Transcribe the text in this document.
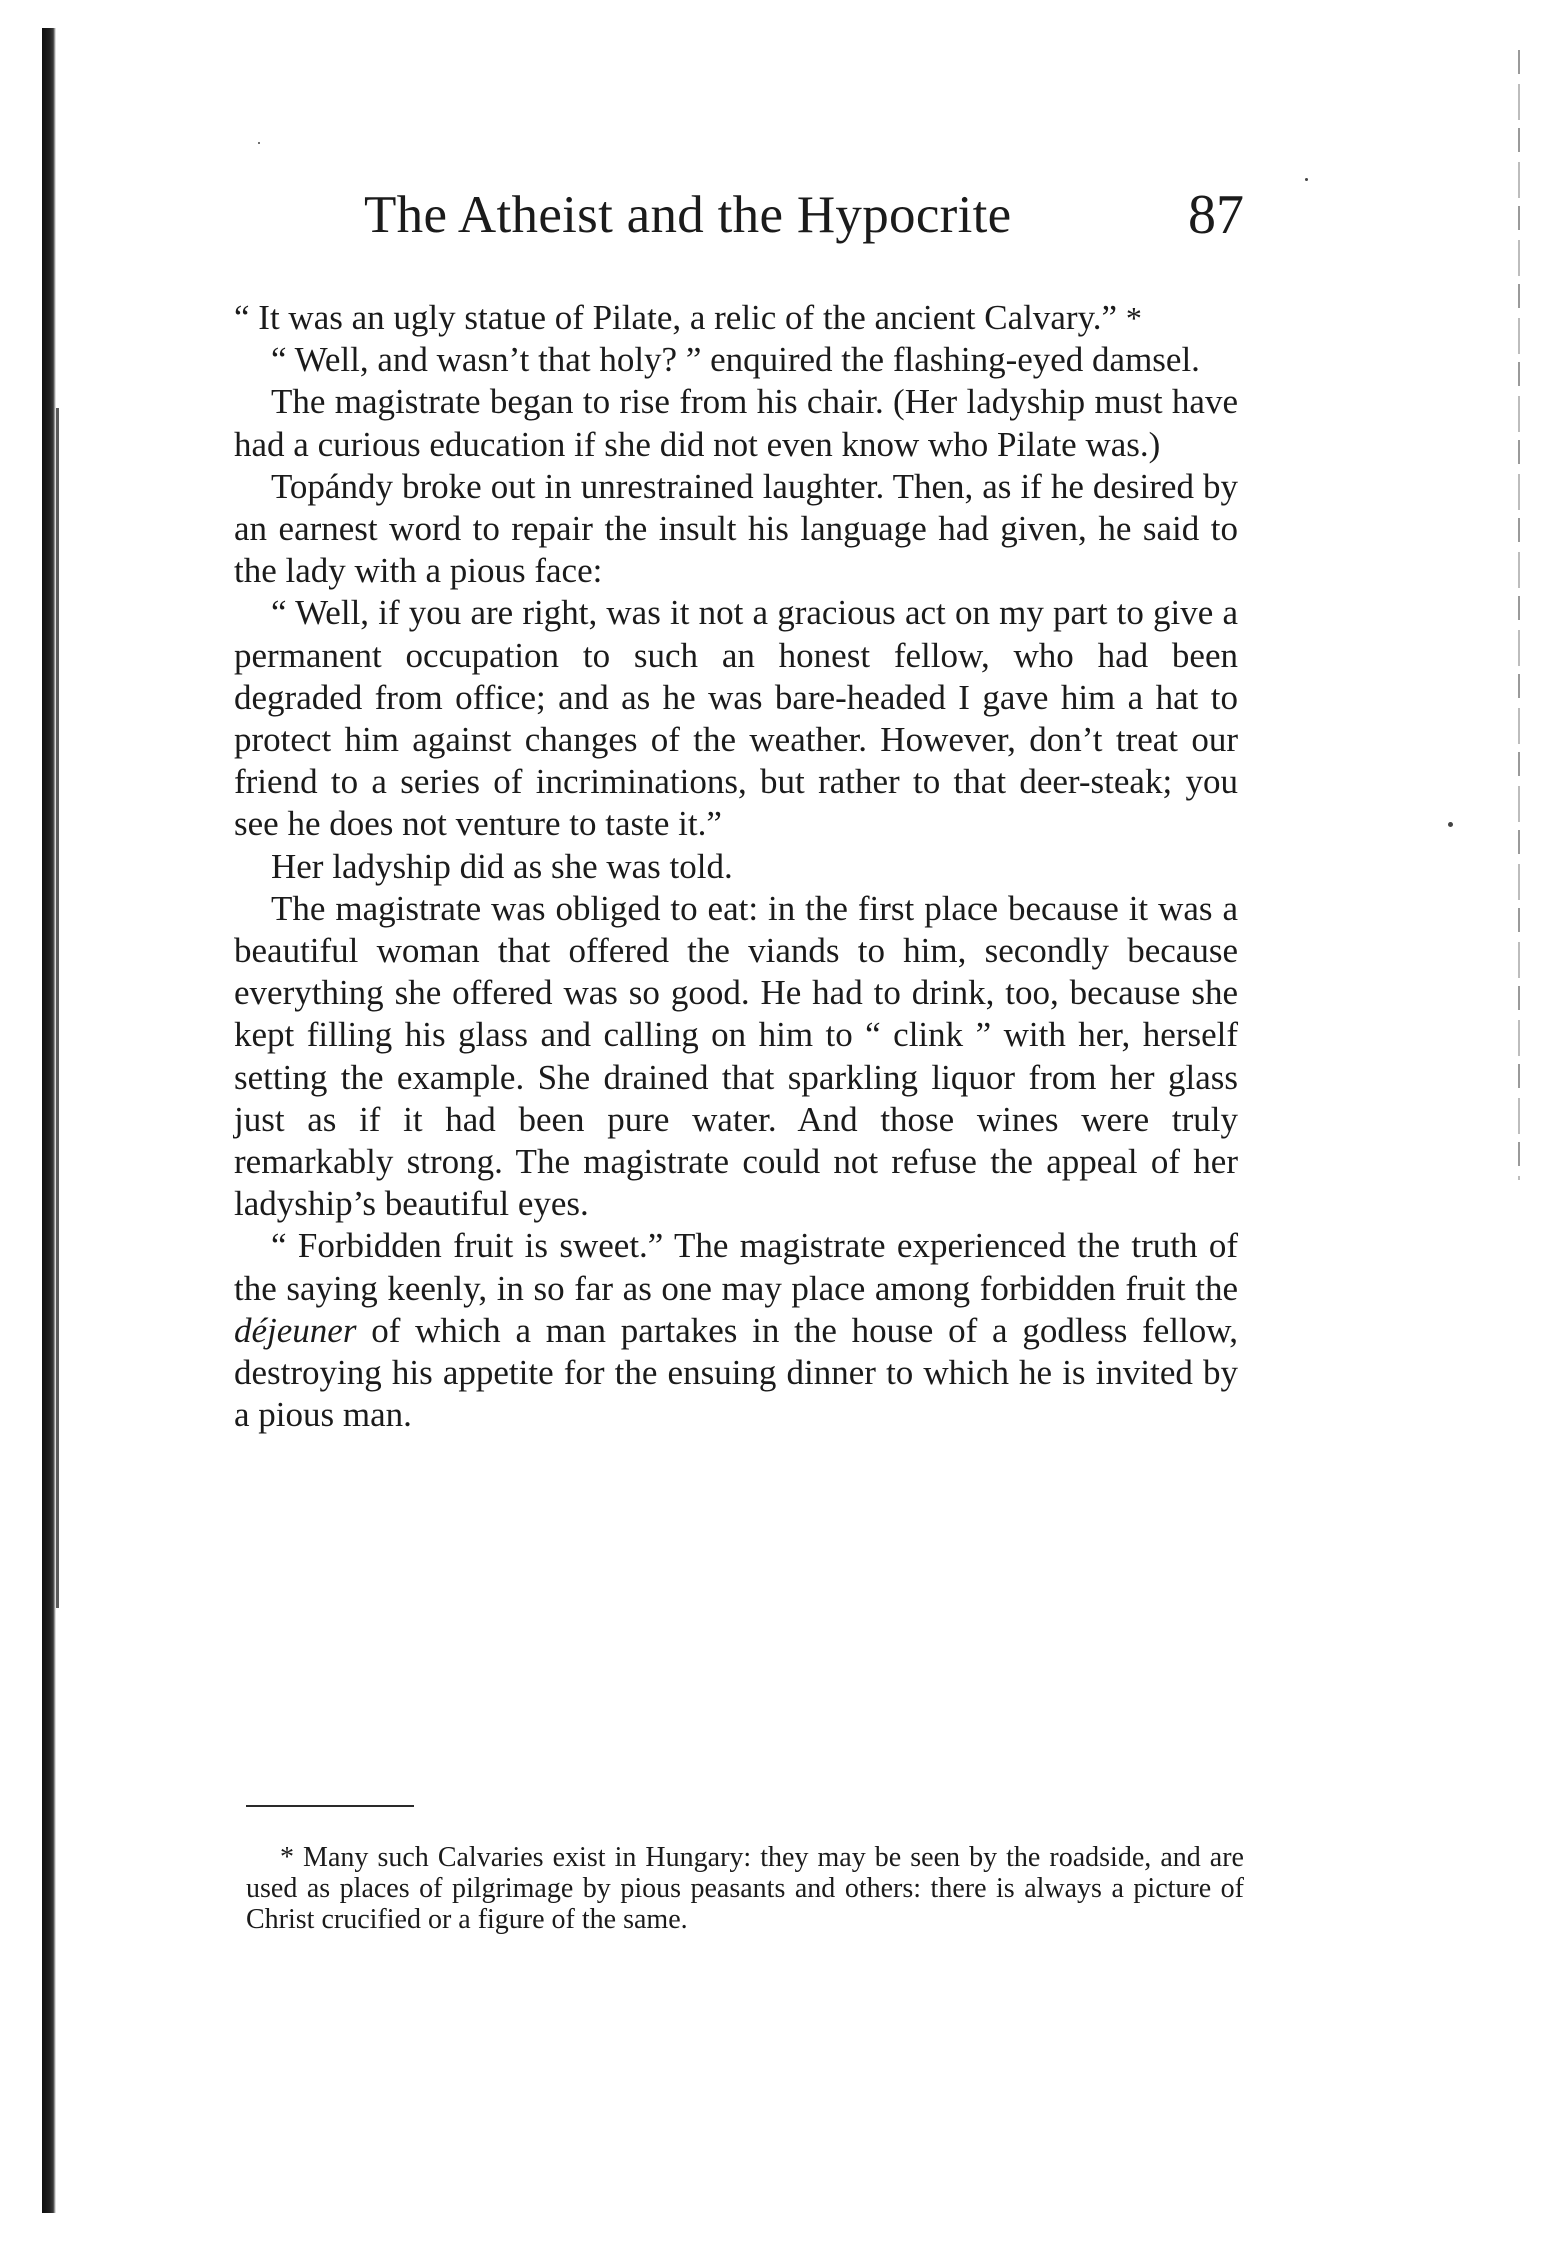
The Atheist and the Hypocrite	87

“ It was an ugly statue of Pilate, a relic of the ancient Calvary.” *

“ Well, and wasn’t that holy? ” enquired the flashing-eyed damsel.

The magistrate began to rise from his chair. (Her ladyship must have had a curious education if she did not even know who Pilate was.)

Topándy broke out in unrestrained laughter. Then, as if he desired by an earnest word to repair the insult his language had given, he said to the lady with a pious face:

“ Well, if you are right, was it not a gracious act on my part to give a permanent occupation to such an honest fellow, who had been degraded from office; and as he was bare-headed I gave him a hat to protect him against changes of the weather. However, don’t treat our friend to a series of incriminations, but rather to that deer-steak; you see he does not venture to taste it.”

Her ladyship did as she was told.

The magistrate was obliged to eat: in the first place because it was a beautiful woman that offered the viands to him, secondly because everything she offered was so good. He had to drink, too, because she kept filling his glass and calling on him to “ clink ” with her, herself setting the example. She drained that sparkling liquor from her glass just as if it had been pure water. And those wines were truly remarkably strong. The magistrate could not refuse the appeal of her ladyship’s beautiful eyes.

“ Forbidden fruit is sweet.” The magistrate experienced the truth of the saying keenly, in so far as one may place among forbidden fruit the déjeuner of which a man partakes in the house of a godless fellow, destroying his appetite for the ensuing dinner to which he is invited by a pious man.

* Many such Calvaries exist in Hungary: they may be seen by the roadside, and are used as places of pilgrimage by pious peasants and others: there is always a picture of Christ crucified or a figure of the same.
